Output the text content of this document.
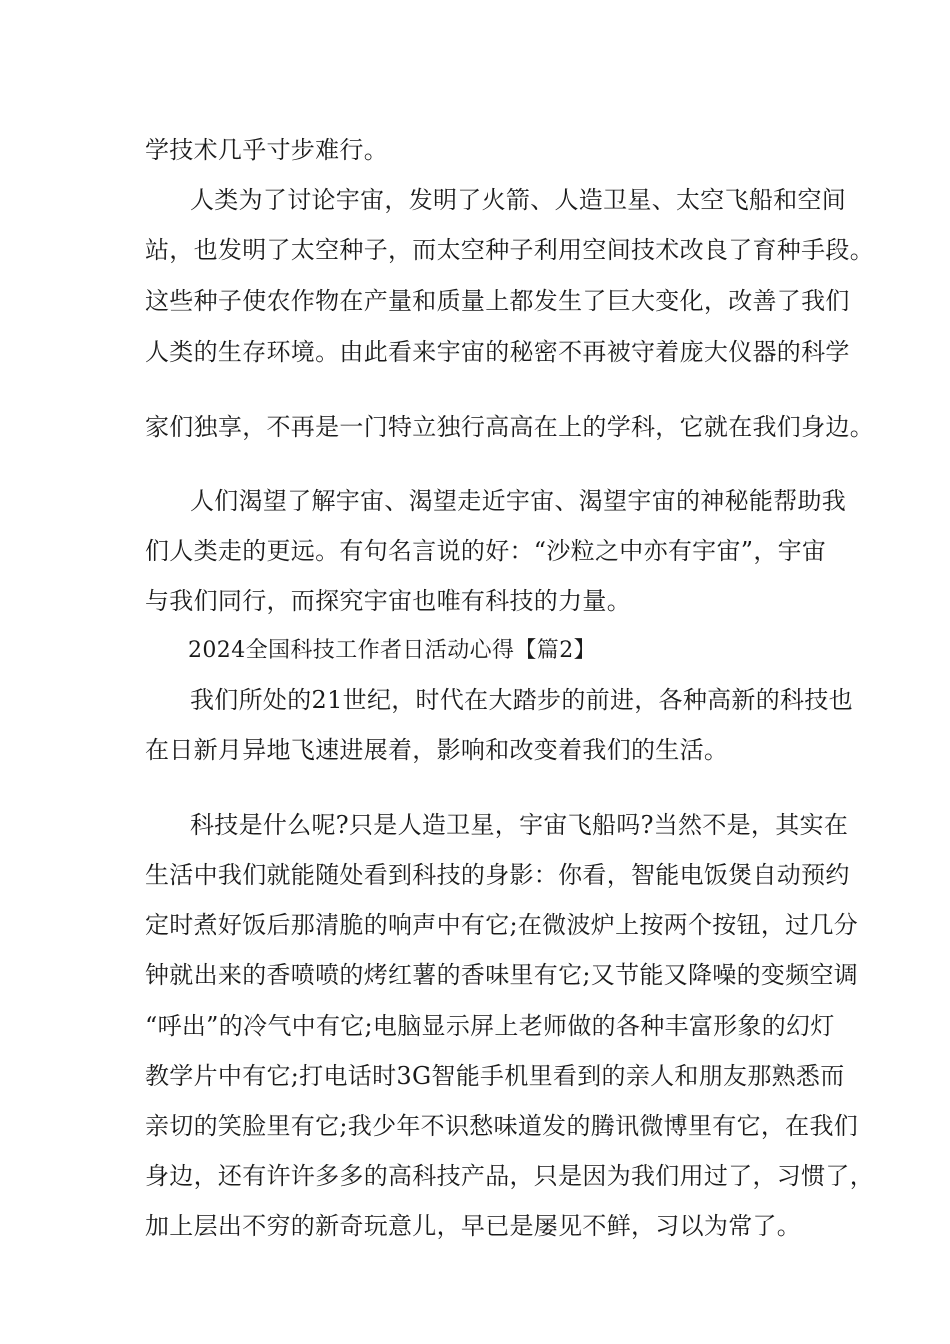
学技术几乎寸步难行。

人类为了讨论宇宙，发明了火箭、人造卫星、太空飞船和空间

站，也发明了太空种子，而太空种子利用空间技术改良了育种手段。

这些种子使农作物在产量和质量上都发生了巨大变化，改善了我们

人类的生存环境。由此看来宇宙的秘密不再被守着庞大仪器的科学

家们独享，不再是一门特立独行高高在上的学科，它就在我们身边。

人们渴望了解宇宙、渴望走近宇宙、渴望宇宙的神秘能帮助我

们人类走的更远。有句名言说的好：“沙粒之中亦有宇宙”，宇宙

与我们同行，而探究宇宙也唯有科技的力量。

2024全国科技工作者日活动心得【篇2】

我们所处的21世纪，时代在大踏步的前进，各种高新的科技也

在日新月异地飞速进展着，影响和改变着我们的生活。

科技是什么呢?只是人造卫星，宇宙飞船吗?当然不是，其实在

生活中我们就能随处看到科技的身影：你看，智能电饭煲自动预约

定时煮好饭后那清脆的响声中有它;在微波炉上按两个按钮，过几分

钟就出来的香喷喷的烤红薯的香味里有它;又节能又降噪的变频空调

“呼出”的冷气中有它;电脑显示屏上老师做的各种丰富形象的幻灯

教学片中有它;打电话时3G智能手机里看到的亲人和朋友那熟悉而

亲切的笑脸里有它;我少年不识愁味道发的腾讯微博里有它，在我们

身边，还有许许多多的高科技产品，只是因为我们用过了，习惯了，

加上层出不穷的新奇玩意儿，早已是屡见不鲜，习以为常了。
